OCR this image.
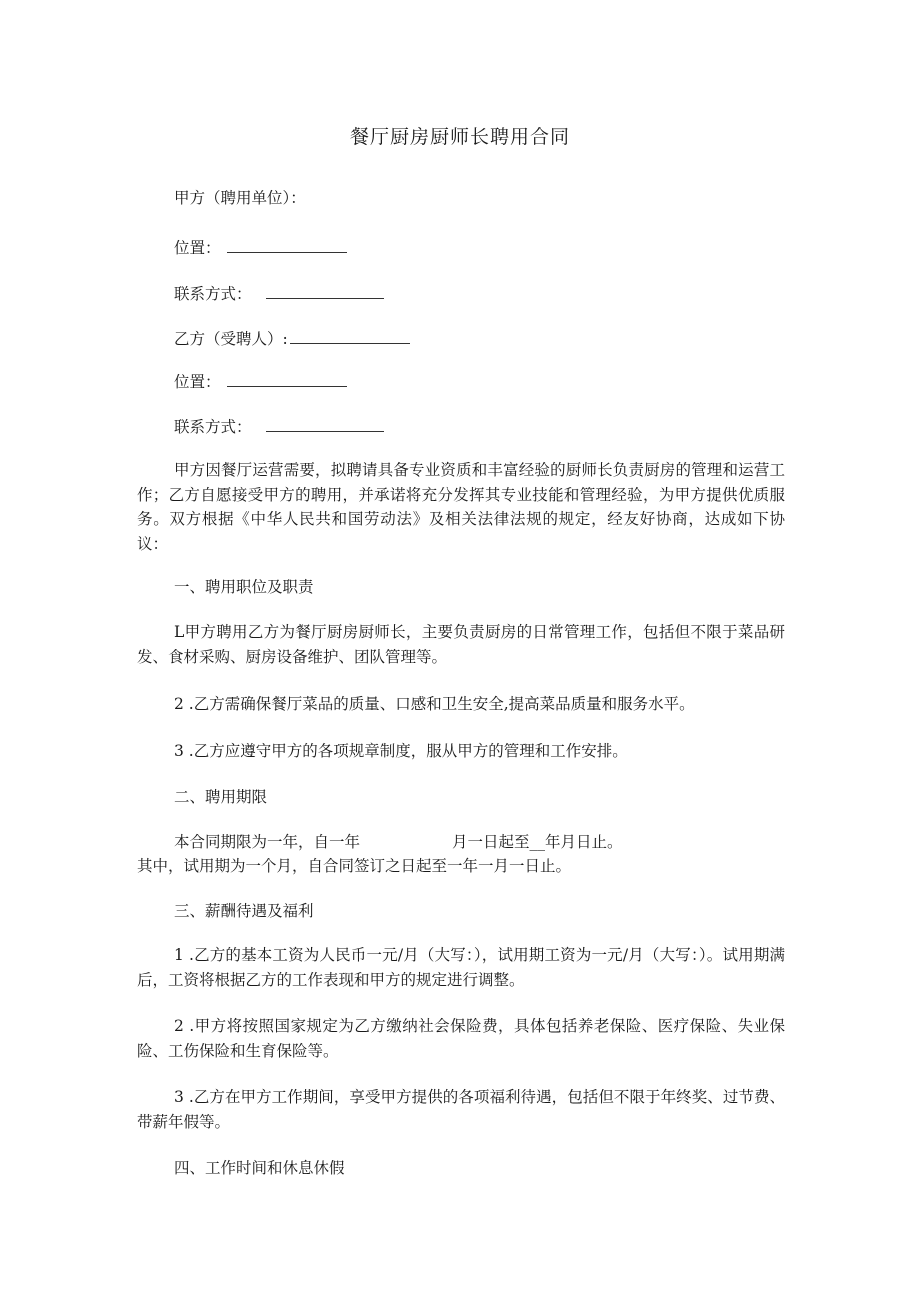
餐厅厨房厨师长聘用合同
甲方（聘用单位）：
位置：
联系方式：
乙方（受聘人）:
位置：
联系方式：
甲方因餐厅运营需要，拟聘请具备专业资质和丰富经验的厨师长负责厨房的管理和运营工作；乙方自愿接受甲方的聘用，并承诺将充分发挥其专业技能和管理经验，为甲方提供优质服务。双方根据《中华人民共和国劳动法》及相关法律法规的规定，经友好协商，达成如下协议：
一、聘用职位及职责
L甲方聘用乙方为餐厅厨房厨师长，主要负责厨房的日常管理工作，包括但不限于菜品研发、食材采购、厨房设备维护、团队管理等。
2 .乙方需确保餐厅菜品的质量、口感和卫生安全,提高菜品质量和服务水平。
3 .乙方应遵守甲方的各项规章制度，服从甲方的管理和工作安排。
二、聘用期限
本合同期限为一年，自一年	月一日起至__年月日止。
其中，试用期为一个月，自合同签订之日起至一年一月一日止。
三、薪酬待遇及福利
1 .乙方的基本工资为人民币一元/月（大写：），试用期工资为一元/月（大写：）。试用期满后，工资将根据乙方的工作表现和甲方的规定进行调整。
2 .甲方将按照国家规定为乙方缴纳社会保险费，具体包括养老保险、医疗保险、失业保险、工伤保险和生育保险等。
3 .乙方在甲方工作期间，享受甲方提供的各项福利待遇，包括但不限于年终奖、过节费、带薪年假等。
四、工作时间和休息休假
